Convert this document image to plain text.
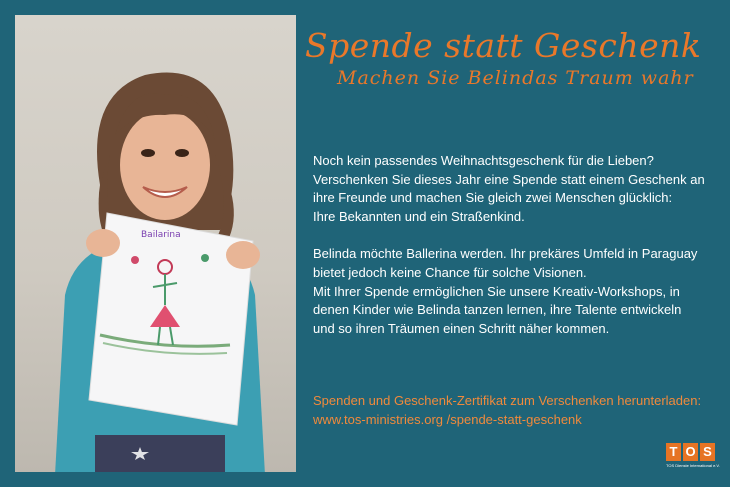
Bailarina
Spende statt Geschenk
Machen Sie Belindas Traum wahr

Noch kein passendes Weihnachtsgeschenk für die Lieben?
Verschenken Sie dieses Jahr eine Spende statt einem Geschenk an
ihre Freunde und machen Sie gleich zwei Menschen glücklich:
Ihre Bekannten und ein Straßenkind.

Belinda möchte Ballerina werden. Ihr prekäres Umfeld in Paraguay
bietet jedoch keine Chance für solche Visionen.
Mit Ihrer Spende ermöglichen Sie unsere Kreativ-Workshops, in
denen Kinder wie Belinda tanzen lernen, ihre Talente entwickeln
und so ihren Träumen einen Schritt näher kommen.

Spenden und Geschenk-Zertifikat zum Verschenken herunterladen:
www.tos-ministries.org /spende-statt-geschenk
T O S
TOS Dienste International e.V.
